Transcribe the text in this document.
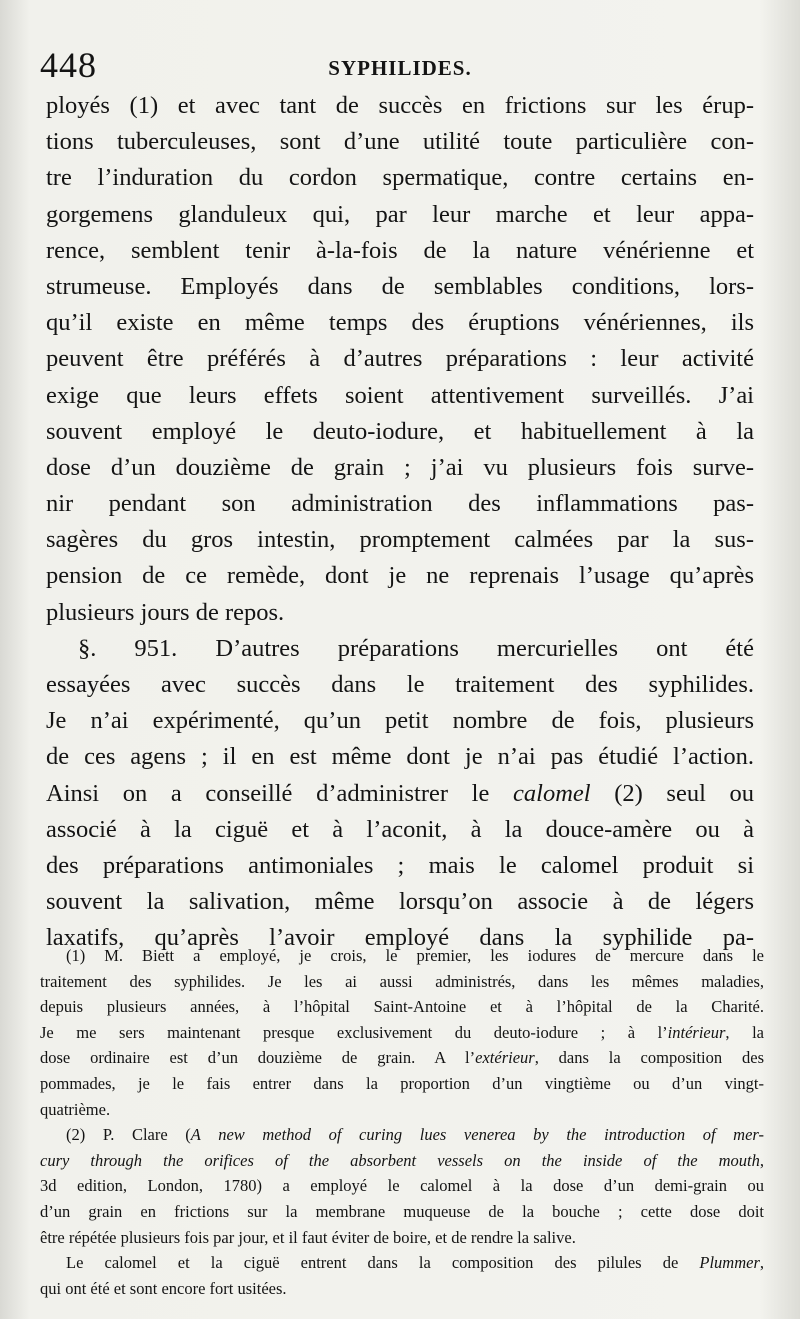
448	SYPHILIDES.
ployés (1) et avec tant de succès en frictions sur les érup-
tions tuberculeuses, sont d’une utilité toute particulière con-
tre l’induration du cordon spermatique, contre certains en-
gorgemens glanduleux qui, par leur marche et leur appa-
rence, semblent tenir à-la-fois de la nature vénérienne et
strumeuse. Employés dans de semblables conditions, lors-
qu’il existe en même temps des éruptions vénériennes, ils
peuvent être préférés à d’autres préparations : leur activité
exige que leurs effets soient attentivement surveillés. J’ai
souvent employé le deuto-iodure, et habituellement à la
dose d’un douzième de grain ; j’ai vu plusieurs fois surve-
nir pendant son administration des inflammations pas-
sagères du gros intestin, promptement calmées par la sus-
pension de ce remède, dont je ne reprenais l’usage qu’après
plusieurs jours de repos.
§. 951. D’autres préparations mercurielles ont été
essayées avec succès dans le traitement des syphilides.
Je n’ai expérimenté, qu’un petit nombre de fois, plusieurs
de ces agens ; il en est même dont je n’ai pas étudié l’action.
Ainsi on a conseillé d’administrer le calomel (2) seul ou
associé à la ciguë et à l’aconit, à la douce-amère ou à
des préparations antimoniales ; mais le calomel produit si
souvent la salivation, même lorsqu’on associe à de légers
laxatifs, qu’après l’avoir employé dans la syphilide pa-
(1) M. Biett a employé, je crois, le premier, les iodures de mercure dans le
traitement des syphilides. Je les ai aussi administrés, dans les mêmes maladies,
depuis plusieurs années, à l’hôpital Saint-Antoine et à l’hôpital de la Charité.
Je me sers maintenant presque exclusivement du deuto-iodure ; à l’intérieur, la
dose ordinaire est d’un douzième de grain. A l’extérieur, dans la composition des
pommades, je le fais entrer dans la proportion d’un vingtième ou d’un vingt-
quatrième.
(2) P. Clare (A new method of curing lues venerea by the introduction of mer-
cury through the orifices of the absorbent vessels on the inside of the mouth,
3d edition, London, 1780) a employé le calomel à la dose d’un demi-grain ou
d’un grain en frictions sur la membrane muqueuse de la bouche ; cette dose doit
être répétée plusieurs fois par jour, et il faut éviter de boire, et de rendre la salive.
Le calomel et la ciguë entrent dans la composition des pilules de Plummer,
qui ont été et sont encore fort usitées.
